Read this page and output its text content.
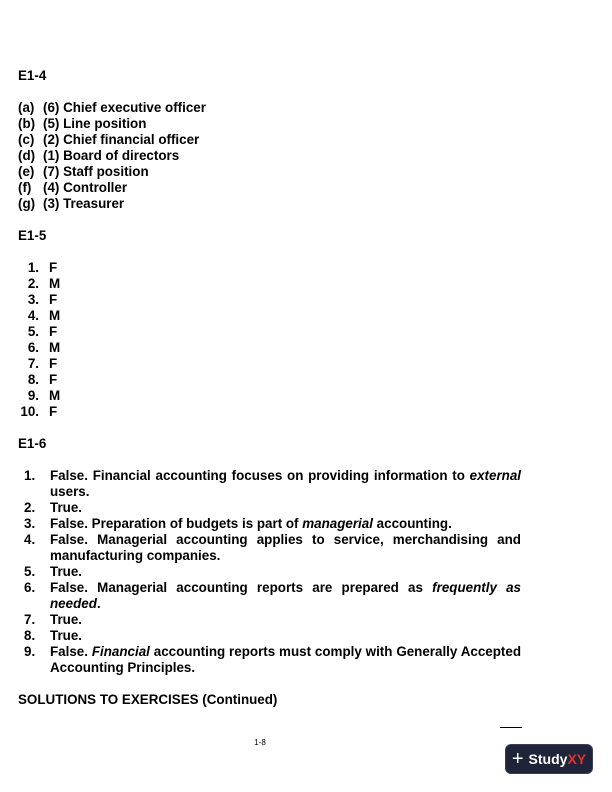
E1-4
(a) (6) Chief executive officer
(b) (5) Line position
(c) (2) Chief financial officer
(d) (1) Board of directors
(e) (7) Staff position
(f) (4) Controller
(g) (3) Treasurer
E1-5
1. F
2. M
3. F
4. M
5. F
6. M
7. F
8. F
9. M
10. F
E1-6
1. False. Financial accounting focuses on providing information to external
users.
2. True.
3. False. Preparation of budgets is part of managerial accounting.
4. False. Managerial accounting applies to service, merchandising and
manufacturing companies.
5. True.
6. False. Managerial accounting reports are prepared as frequently as
needed.
7. True.
8. True.
9. False. Financial accounting reports must comply with Generally Accepted
Accounting Principles.
SOLUTIONS TO EXERCISES (Continued)
1-8
+ Study XY
